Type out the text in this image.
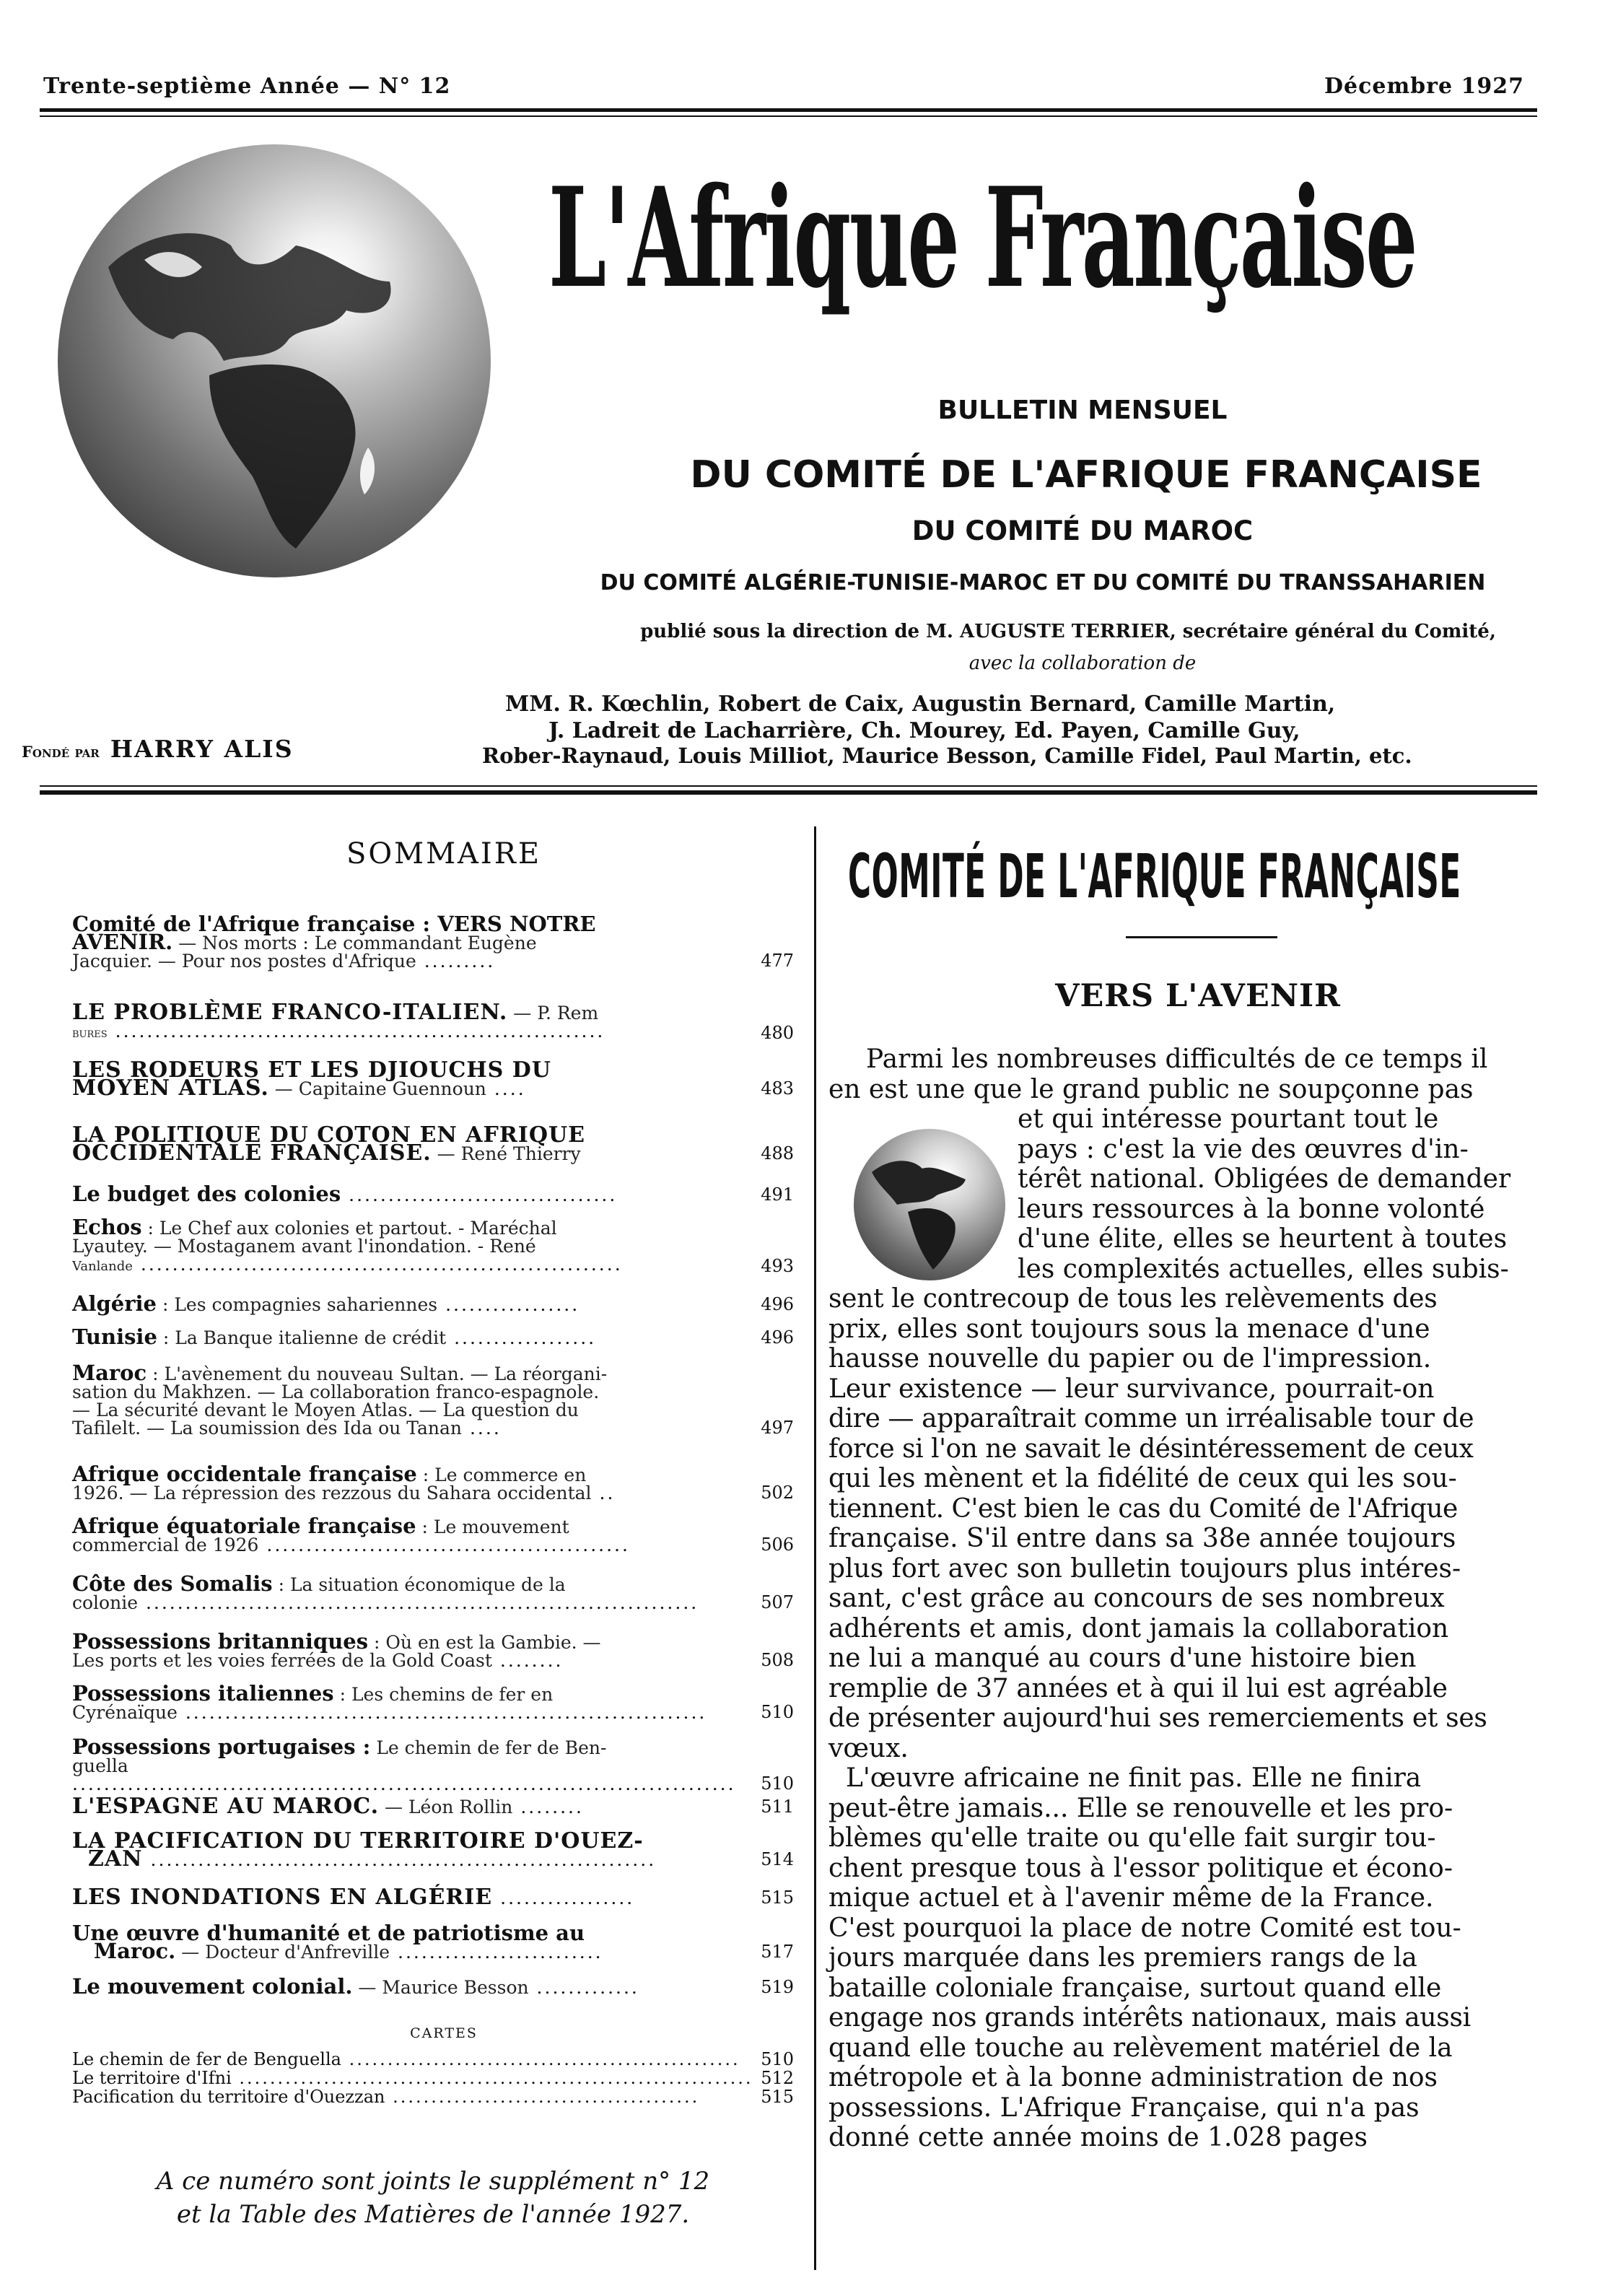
Trente-septième Année — N° 12	Décembre 1927
L'Afrique Française
BULLETIN MENSUEL
DU COMITÉ DE L'AFRIQUE FRANÇAISE
DU COMITÉ DU MAROC
DU COMITÉ ALGÉRIE-TUNISIE-MAROC ET DU COMITÉ DU TRANSSAHARIEN
publié sous la direction de M. AUGUSTE TERRIER, secrétaire général du Comité,
avec la collaboration de
MM. R. Kœchlin, Robert de Caix, Augustin Bernard, Camille Martin,
J. Ladreit de Lacharrière, Ch. Mourey, Ed. Payen, Camille Guy,
Rober-Raynaud, Louis Milliot, Maurice Besson, Camille Fidel, Paul Martin, etc.
Fondé par HARRY ALIS
SOMMAIRE
Comité de l'Afrique française : VERS NOTRE
AVENIR. — Nos morts : Le commandant Eugène
Jacquier. — Pour nos postes d'Afrique .........	477
LE PROBLÈME FRANCO-ITALIEN. — P. Rem
bures ..............................................................	480
LES RODEURS ET LES DJIOUCHS DU
MOYEN ATLAS. — Capitaine Guennoun ....	483
LA POLITIQUE DU COTON EN AFRIQUE
OCCIDENTALE FRANÇAISE. — René Thierry	488
Le budget des colonies ..................................	491
Echos : Le Chef aux colonies et partout. - Maréchal
Lyautey. — Mostaganem avant l'inondation. - René
Vanlande .............................................................	493
Algérie : Les compagnies sahariennes .................	496
Tunisie : La Banque italienne de crédit ..................	496
Maroc : L'avènement du nouveau Sultan. — La réorgani-
sation du Makhzen. — La collaboration franco-espagnole.
— La sécurité devant le Moyen Atlas. — La question du
Tafilelt. — La soumission des Ida ou Tanan ....	497
Afrique occidentale française : Le commerce en
1926. — La répression des rezzous du Sahara occidental ..	502
Afrique équatoriale française : Le mouvement
commercial de 1926 ..............................................	506
Côte des Somalis : La situation économique de la
colonie ......................................................................	507
Possessions britanniques : Où en est la Gambie. —
Les ports et les voies ferrées de la Gold Coast ........	508
Possessions italiennes : Les chemins de fer en
Cyrénaïque ..................................................................	510
Possessions portugaises : Le chemin de fer de Ben-
guella ....................................................................................	510
L'ESPAGNE AU MAROC. — Léon Rollin ........	511
LA PACIFICATION DU TERRITOIRE D'OUEZ-
ZAN ................................................................	514
LES INONDATIONS EN ALGÉRIE .................	515
Une œuvre d'humanité et de patriotisme au
Maroc. — Docteur d'Anfreville ..........................	517
Le mouvement colonial. — Maurice Besson .............	519
CARTES
Le chemin de fer de Benguella ................................................... 510
Le territoire d'Ifni ................................................................... 512
Pacification du territoire d'Ouezzan ........................................	515
A ce numéro sont joints le supplément n° 12
et la Table des Matières de l'année 1927.
COMITÉ DE L'AFRIQUE FRANÇAISE
VERS L'AVENIR
Parmi les nombreuses difficultés de ce temps il
en est une que le grand public ne soupçonne pas
et qui intéresse pourtant tout le
pays : c'est la vie des œuvres d'in-
térêt national. Obligées de demander
leurs ressources à la bonne volonté
d'une élite, elles se heurtent à toutes
les complexités actuelles, elles subis-
sent le contrecoup de tous les relèvements des
prix, elles sont toujours sous la menace d'une
hausse nouvelle du papier ou de l'impression.
Leur existence — leur survivance, pourrait-on
dire — apparaîtrait comme un irréalisable tour de
force si l'on ne savait le désintéressement de ceux
qui les mènent et la fidélité de ceux qui les sou-
tiennent. C'est bien le cas du Comité de l'Afrique
française. S'il entre dans sa 38e année toujours
plus fort avec son bulletin toujours plus intéres-
sant, c'est grâce au concours de ses nombreux
adhérents et amis, dont jamais la collaboration
ne lui a manqué au cours d'une histoire bien
remplie de 37 années et à qui il lui est agréable
de présenter aujourd'hui ses remerciements et ses
vœux.
L'œuvre africaine ne finit pas. Elle ne finira
peut-être jamais... Elle se renouvelle et les pro-
blèmes qu'elle traite ou qu'elle fait surgir tou-
chent presque tous à l'essor politique et écono-
mique actuel et à l'avenir même de la France.
C'est pourquoi la place de notre Comité est tou-
jours marquée dans les premiers rangs de la
bataille coloniale française, surtout quand elle
engage nos grands intérêts nationaux, mais aussi
quand elle touche au relèvement matériel de la
métropole et à la bonne administration de nos
possessions. L'Afrique Française, qui n'a pas
donné cette année moins de 1.028 pages
